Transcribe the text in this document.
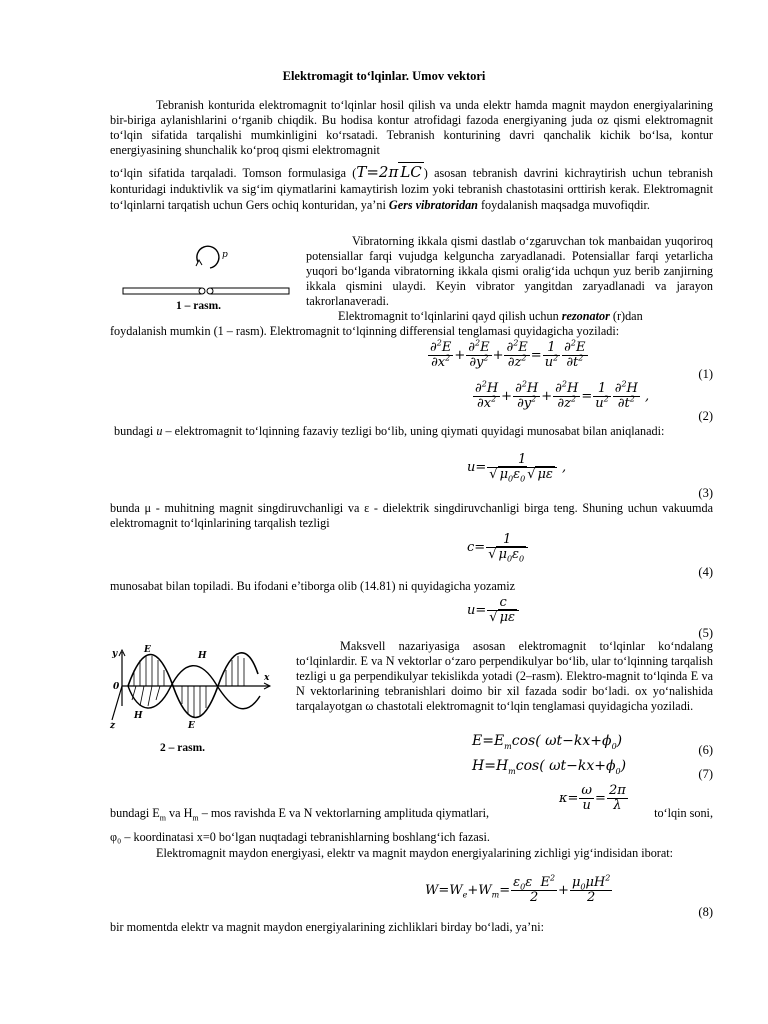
Elektromagit to‘lqinlar. Umov vektori
Tebranish konturida elektromagnit to‘lqinlar hosil qilish va unda elektr hamda magnit maydon energiyalarining bir-biriga aylanishlarini o‘rganib chiqdik. Bu hodisa kontur atrofidagi fazoda energiyaning juda oz qismi elektromagnit to‘lqin sifatida tarqalishi mumkinligini ko‘rsatadi. Tebranish konturining davri qanchalik kichik bo‘lsa, kontur energiyasining shunchalik ko‘proq qismi elektromagnit
to‘lqin sifatida tarqaladi. Tomson formulasiga (T=2π LC ) asosan tebranish davrini kichraytirish uchun tebranish konturidagi induktivlik va sig‘im qiymatlarini kamaytirish lozim yoki tebranish chastotasini orttirish kerak. Elektromagnit to‘lqinlarni tarqatish uchun Gers ochiq konturidan, ya’ni Gers vibratoridan foydalanish maqsadga muvofiqdir.
p
1 – rasm.
Vibratorning ikkala qismi dastlab o‘zgaruvchan tok manbaidan yuqoriroq potensiallar farqi vujudga kelguncha zaryadlanadi. Potensiallar farqi yetarlicha yuqori bo‘lganda vibratorning ikkala qismi oralig‘ida uchqun yuz berib zanjirning ikkala qismini ulaydi. Keyin vibrator yangitdan zaryadlanadi va jarayon takrorlanaveradi.
Elektromagnit to‘lqinlarini qayd qilish uchun rezonator (r)dan
foydalanish mumkin (1 – rasm). Elektromagnit to‘lqinning differensial tenglamasi quyidagicha yoziladi:
$\frac{\partial^2E}{\partial x^2} + \frac{\partial^2E}{\partial y^2} + \frac{\partial^2E}{\partial z^2} = \frac{1}{u^2} \frac{\partial^2E}{\partial t^2}$
(1)
$\frac{\partial^2H}{\partial x^2} + \frac{\partial^2H}{\partial y^2} + \frac{\partial^2H}{\partial z^2} = \frac{1}{u^2} \frac{\partial^2H}{\partial t^2}$ ,
(2)
bundagi u – elektromagnit to‘lqinning fazaviy tezligi bo‘lib, uning qiymati quyidagi munosabat bilan aniqlanadi:
$u= \frac{1}{√ \mu_0\varepsilon_0 √ \mu\varepsilon}$ ,
(3)
bunda μ - muhitning magnit singdiruvchanligi va ε - dielektrik singdiruvchanligi birga teng. Shuning uchun vakuumda elektromagnit to‘lqinlarining tarqalish tezligi
$c= \frac{1}{√ \mu_0\varepsilon_0}$
(4)
munosabat bilan topiladi. Bu ifodani e’tiborga olib (14.81) ni quyidagicha yozamiz
$u= \frac{c}{√ \mu\varepsilon}$
(5)
y	E
H
x
0
H
E
z
2 – rasm.
Maksvell nazariyasiga asosan elektromagnit to‘lqinlar ko‘ndalang to‘lqinlardir. E va N vektorlar o‘zaro perpendikulyar bo‘lib, ular to‘lqinning tarqalish tezligi u ga perpendikulyar tekislikda yotadi (2–rasm). Elektro-magnit to‘lqinda E va N vektorlarining tebranishlari doimo bir xil fazada sodir bo‘ladi. ox yo‘nalishida tarqalayotgan ω chastotali elektromagnit to‘lqin tenglamasi quyidagicha yoziladi.
$E=E_m\cos$( $\omega t-kx+\phi_0$)
(6)
$H=H_m\cos$( $\omega t-kx+\phi_0$)	(7)
$\kappa= \frac{\omega}{u} = \frac{2\pi}{\lambda}$
bundagi $E_m$ va $H_m$ – mos ravishda E va N vektorlarning amplituda qiymatlari,	to‘lqin soni,
φ₀ – koordinatasi x=0 bo‘lgan nuqtadagi tebranishlarning boshlang‘ich fazasi.
Elektromagnit maydon energiyasi, elektr va magnit maydon energiyalarining zichligi yig‘indisidan iborat:
$W=W_e+W_m= \frac{\varepsilon_0\varepsilon E^2}{2} + \frac{\mu_0\mu H^2}{2}$
(8)
bir momentda elektr va magnit maydon energiyalarining zichliklari birday bo‘ladi, ya’ni:
